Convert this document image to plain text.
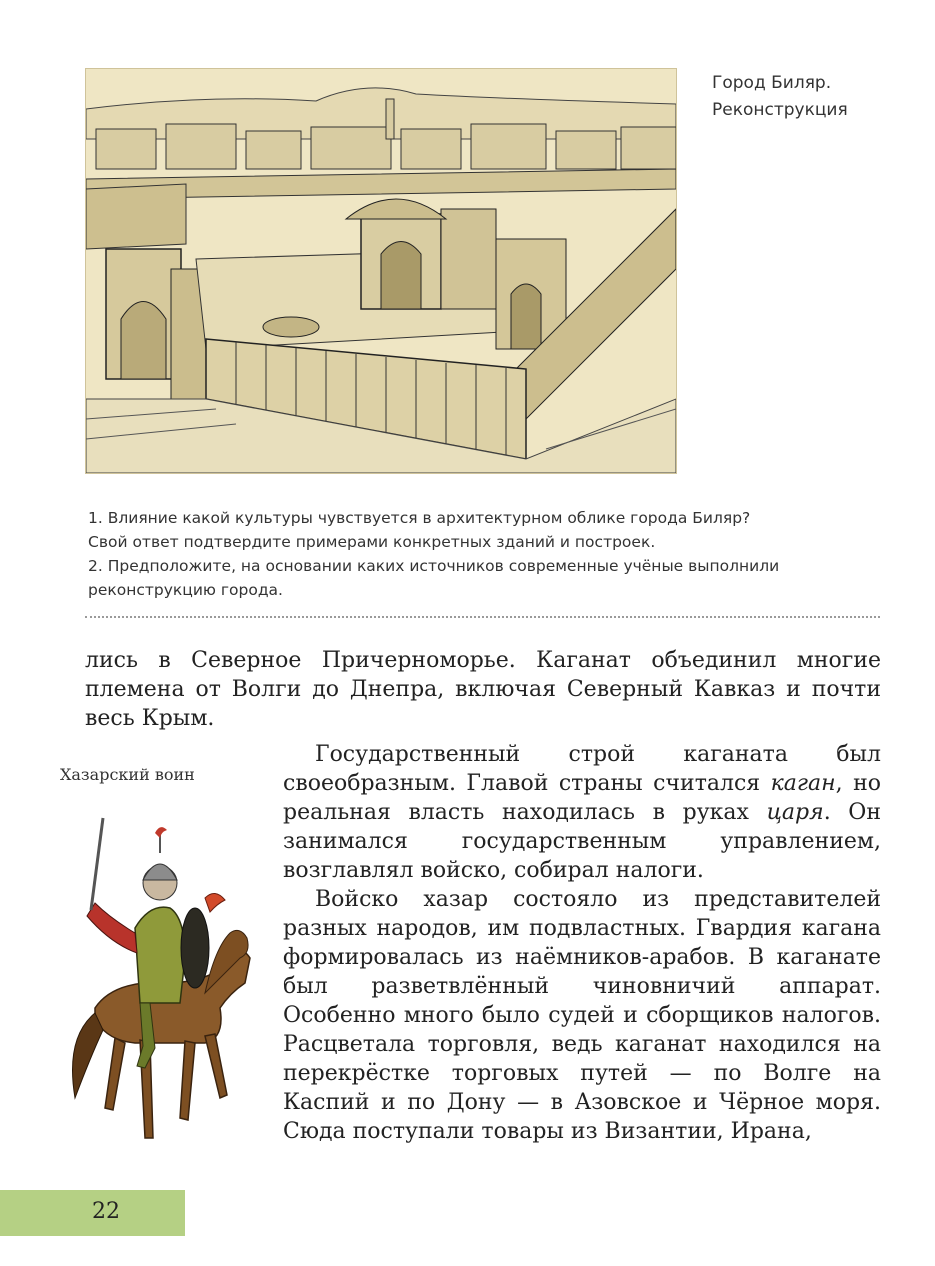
Город Биляр.
Реконструкция

1. Влияние какой культуры чувствуется в архитектурном облике города Биляр?

Свой ответ подтвердите примерами конкретных зданий и построек.

2. Предположите, на основании каких источников современные учёные выполнили

реконструкцию города.

лись в Северное Причерноморье. Каганат объединил многие племена от Волги до Днепра, включая Северный Кавказ и почти весь Крым.
Хазарский воин

Государственный строй каганата был своеобразным. Главой страны считался каган, но реальная власть находилась в руках царя. Он занимался государственным управлением, возглавлял войско, собирал налоги.

Войско хазар состояло из представителей разных народов, им подвластных. Гвардия кагана формировалась из наёмников-арабов. В каганате был разветвлённый чиновничий аппарат. Особенно много было судей и сборщиков налогов. Расцветала торговля, ведь каганат находился на перекрёстке торговых путей — по Волге на Каспий и по Дону — в Азовское и Чёрное моря. Сюда поступали товары из Византии, Ирана,

22
